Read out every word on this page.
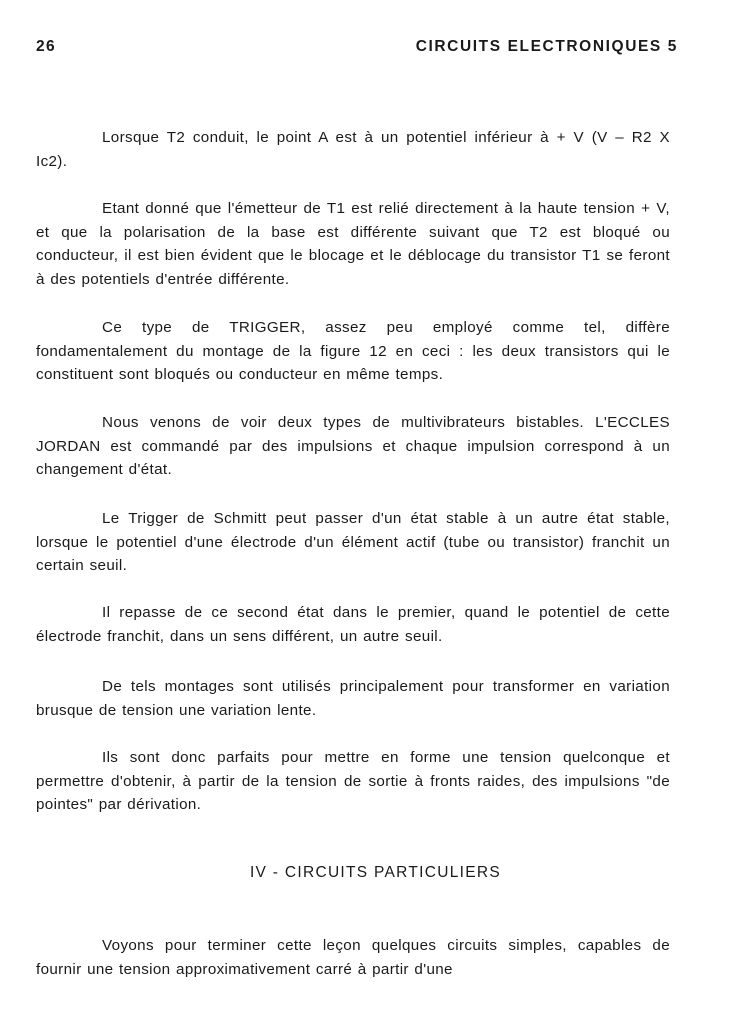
26	CIRCUITS ELECTRONIQUES 5

Lorsque T2 conduit, le point A est à un potentiel inférieur à + V (V – R2 X Ic2).

Etant donné que l'émetteur de T1 est relié directement à la haute tension + V, et que la polarisation de la base est différente suivant que T2 est bloqué ou conducteur, il est bien évident que le blocage et le déblocage du transistor T1 se feront à des potentiels d'entrée différente.

Ce type de TRIGGER, assez peu employé comme tel, diffère fondamentalement du montage de la figure 12 en ceci : les deux transistors qui le constituent sont bloqués ou conducteur en même temps.

Nous venons de voir deux types de multivibrateurs bistables. L'ECCLES JORDAN est commandé par des impulsions et chaque impulsion correspond à un changement d'état.

Le Trigger de Schmitt peut passer d'un état stable à un autre état stable, lorsque le potentiel d'une électrode d'un élément actif (tube ou transistor) franchit un certain seuil.

Il repasse de ce second état dans le premier, quand le potentiel de cette électrode franchit, dans un sens différent, un autre seuil.

De tels montages sont utilisés principalement pour transformer en variation brusque de tension une variation lente.

Ils sont donc parfaits pour mettre en forme une tension quelconque et permettre d'obtenir, à partir de la tension de sortie à fronts raides, des impulsions "de pointes" par dérivation.

IV - CIRCUITS PARTICULIERS

Voyons pour terminer cette leçon quelques circuits simples, capables de fournir une tension approximativement carré à partir d'une
